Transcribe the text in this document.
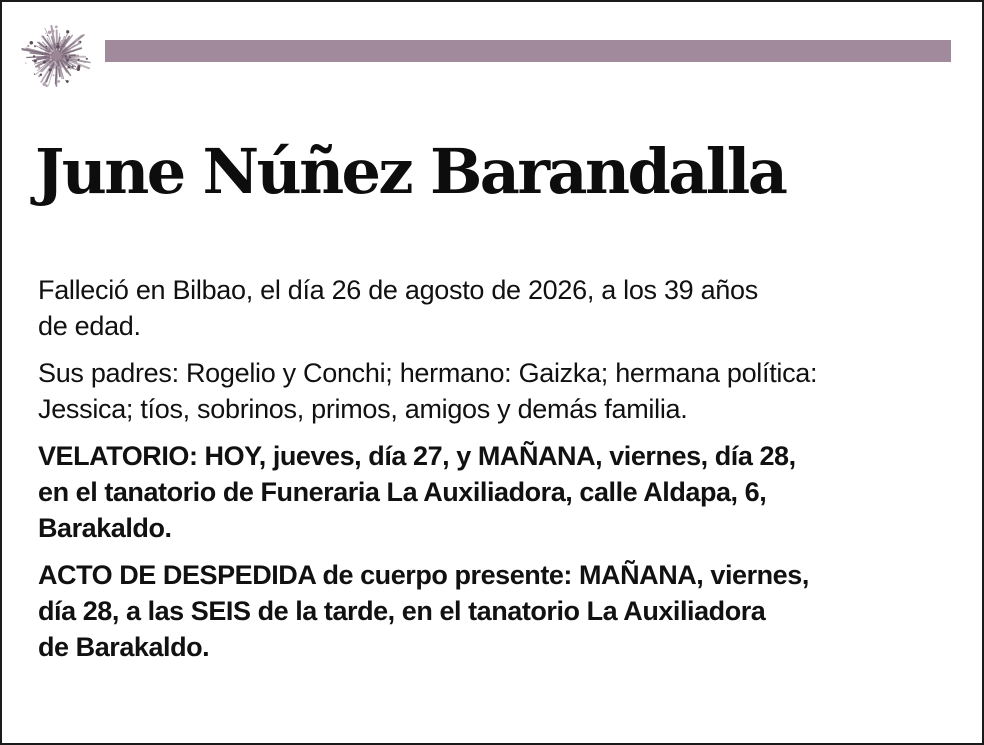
June Núñez Barandalla

Falleció en Bilbao, el día 26 de agosto de 2026, a los 39 años
de edad.

Sus padres: Rogelio y Conchi; hermano: Gaizka; hermana política:
Jessica; tíos, sobrinos, primos, amigos y demás familia.

VELATORIO: HOY, jueves, día 27, y MAÑANA, viernes, día 28,
en el tanatorio de Funeraria La Auxiliadora, calle Aldapa, 6,
Barakaldo.

ACTO DE DESPEDIDA de cuerpo presente: MAÑANA, viernes,
día 28, a las SEIS de la tarde, en el tanatorio La Auxiliadora
de Barakaldo.
